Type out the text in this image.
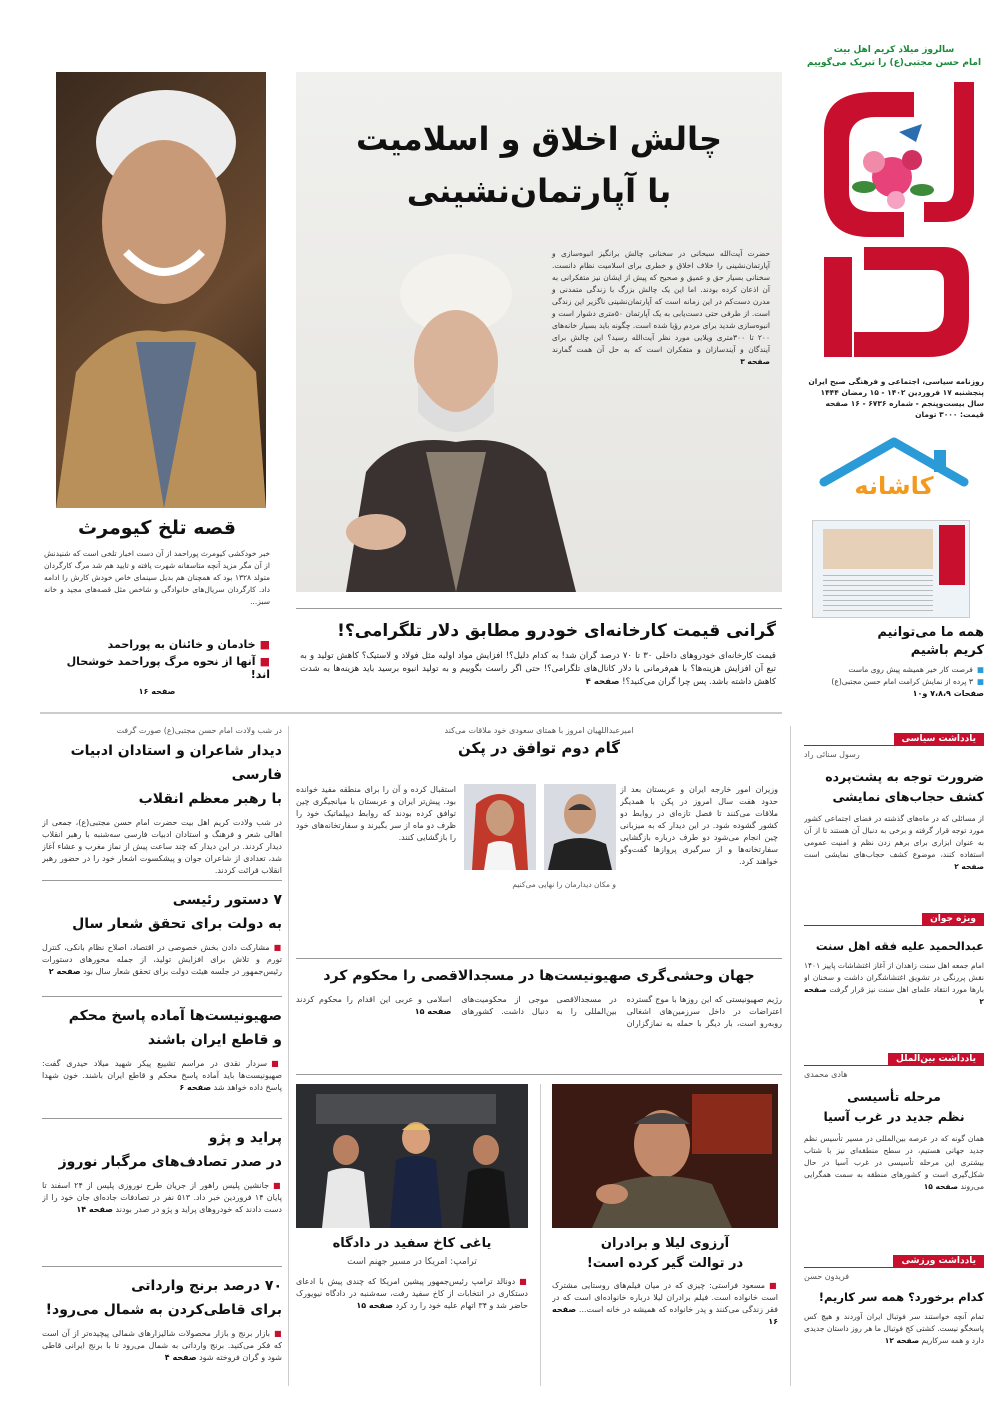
سالروز میلاد کریم اهل بیت
امام حسن مجتبی(ع) را تبریک می‌گوییم
روزنامه سیاسی، اجتماعی و فرهنگی صبح ایران
پنجشنبه ۱۷ فروردین ۱۴۰۲ - ۱۵ رمضان ۱۴۴۴
سال بیست‌وپنجم - شماره ۶۷۳۶ - ۱۶ صفحه
قیمت: ۳۰۰۰ تومان
کاشانه
همه ما می‌توانیم
کریم باشیم
■فرصت کار خیر همیشه پیش روی ماست
■۳ پرده از نمایش کرامت امام حسن مجتبی(ع)
صفحات ۷،۸،۹ و۱۰
چالش اخلاق و اسلامیت
با آپارتمان‌نشینی
حضرت آیت‌الله سبحانی در سخنانی چالش برانگیز انبوه‌سازی و آپارتمان‌نشینی را خلاف اخلاق و خطری برای اسلامیت نظام دانست. سخنانی بسیار حق و عمیق و صحیح که پیش از ایشان نیز متفکرانی به آن اذعان کرده بودند. اما این یک چالش بزرگ با زندگی متمدنی و مدرن دست‌کم در این زمانه است که آپارتمان‌نشینی ناگزیر این زندگی است. از طرفی حتی دست‌یابی به یک آپارتمان ۵۰متری دشوار است و انبوه‌سازی شدید برای مردم رؤیا شده است. چگونه باید بسیار خانه‌های ۲۰۰ تا ۳۰۰متری ویلایی مورد نظر آیت‌الله رسید؟ این چالش برای آیندگان و آیندسازان و متفکران است که به حل آن همت گمارند صفحه ۳
قصه تلخ کیومرث
خبر خودکشی کیومرث پوراحمد از آن دست اخبار تلخی است که شنیدنش از آن مگر مزید آنچه متاسفانه شهرت یافته و تایید هم شد مرگ کارگردان متولد ۱۳۲۸ بود که همچنان هم بدیل سینمای خاص خودش کارش را ادامه داد. کارگردان سریال‌های خانوادگی و شاخص مثل قصه‌های مجید و خانه سبز...
■خادمان و خائنان به پوراحمد
■آنها از نحوه مرگ پوراحمد خوشحال اند!
صفحه ۱۶
گرانی قیمت کارخانه‌ای خودرو مطابق دلار تلگرامی؟!
قیمت کارخانه‌ای خودروهای داخلی ۳۰ تا ۷۰ درصد گران شد! به کدام دلیل؟! افزایش مواد اولیه مثل فولاد و لاستیک؟ کاهش تولید و به تبع آن افزایش هزینه‌ها؟ با هم‌فرمانی با دلار کانال‌های تلگرامی؟! حتی اگر راست بگوییم و به تولید انبوه برسید باید هزینه‌ها به شدت کاهش داشته باشد. پس چرا گران می‌کنید؟! صفحه ۴
در شب ولادت امام حسن مجتبی(ع) صورت گرفت
دیدار شاعران و استادان ادبیات فارسی
با رهبر معظم انقلاب
در شب ولادت کریم اهل بیت حضرت امام حسن مجتبی(ع)، جمعی از اهالی شعر و فرهنگ و استادان ادبیات فارسی سه‌شنبه با رهبر انقلاب دیدار کردند. در این دیدار که چند ساعت پیش از نماز مغرب و عشاء آغاز شد، تعدادی از شاعران جوان و پیشکسوت اشعار خود را در حضور رهبر انقلاب قرائت کردند.
۷ دستور رئیسی
به دولت برای تحقق شعار سال
■مشارکت دادن بخش خصوصی در اقتصاد، اصلاح نظام بانکی، کنترل تورم و تلاش برای افزایش تولید، از جمله محورهای دستورات رئیس‌جمهور در جلسه هیئت دولت برای تحقق شعار سال بود صفحه ۲
صهیونیست‌ها آماده پاسخ محکم
و قاطع ایران باشند
■سردار نقدی در مراسم تشییع پیکر شهید میلاد حیدری گفت: صهیونیست‌ها باید آماده پاسخ محکم و قاطع ایران باشند. خون شهدا پاسخ داده خواهد شد صفحه ۶
پراید و پژو
در صدر تصادف‌های مرگبار نوروز
■جانشین پلیس راهور از جریان طرح نوروزی پلیس از ۲۴ اسفند تا پایان ۱۴ فروردین خبر داد. ۵۱۳ نفر در تصادفات جاده‌ای جان خود را از دست دادند که خودروهای پراید و پژو در صدر بودند صفحه ۱۴
۷۰ درصد برنج وارداتی
برای قاطی‌کردن به شمال می‌رود!
■بازار برنج و بازار محصولات شالیزارهای شمالی پیچیده‌تر از آن است که فکر می‌کنید. برنج وارداتی به شمال می‌رود تا با برنج ایرانی قاطی شود و گران فروخته شود صفحه ۴
امیرعبداللهیان امروز با همتای سعودی خود ملاقات می‌کند
گام دوم توافق در پکن
وزیران امور خارجه ایران و عربستان بعد از حدود هفت سال امروز در پکن با همدیگر ملاقات می‌کنند تا فصل تازه‌ای در روابط دو کشور گشوده شود. در این دیدار که به میزبانی چین انجام می‌شود دو طرف درباره بازگشایی سفارتخانه‌ها و از سرگیری پروازها گفت‌وگو خواهند کرد.
و مکان دیدارمان را نهایی می‌کنیم
استقبال کرده و آن را برای منطقه مفید خوانده بود. پیش‌تر ایران و عربستان با میانجیگری چین توافق کرده بودند که روابط دیپلماتیک خود را ظرف دو ماه از سر بگیرند و سفارتخانه‌های خود را بازگشایی کنند.
جهان وحشی‌گری صهیونیست‌ها در مسجدالاقصی را محکوم کرد
رژیم صهیونیستی که این روزها با موج گسترده اعتراضات در داخل سرزمین‌های اشغالی روبه‌رو است، بار دیگر با حمله به نمازگزاران در مسجدالاقصی موجی از محکومیت‌های بین‌المللی را به دنبال داشت. کشورهای اسلامی و عربی این اقدام را محکوم کردند صفحه ۱۵
آرزوی لیلا و برادران
در توالت گیر کرده است!
■مسعود فراستی: چیزی که در میان فیلم‌های روستایی مشترک است خانواده است. فیلم برادران لیلا درباره خانواده‌ای است که در فقر زندگی می‌کنند و پدر خانواده که همیشه در خانه است... صفحه ۱۶
یاغی کاخ سفید در دادگاه
ترامپ: امریکا در مسیر جهنم است
■دونالد ترامپ رئیس‌جمهور پیشین امریکا که چندی پیش با ادعای دستکاری در انتخابات از کاخ سفید رفت، سه‌شنبه در دادگاه نیویورک حاضر شد و ۳۴ اتهام علیه خود را رد کرد صفحه ۱۵
یادداشت سیاسی
رسول سنائی راد
ضرورت توجه به پشت‌پرده
کشف حجاب‌های نمایشی
از مسائلی که در ماه‌های گذشته در فضای اجتماعی کشور مورد توجه قرار گرفته و برخی به دنبال آن هستند تا از آن به عنوان ابزاری برای برهم زدن نظم و امنیت عمومی استفاده کنند، موضوع کشف حجاب‌های نمایشی است صفحه ۲
ویژه جوان
عبدالحمید علیه فقه اهل سنت
امام جمعه اهل سنت زاهدان از آغاز اغتشاشات پاییز ۱۴۰۱ نقش پررنگی در تشویق اغتشاشگران داشت و سخنان او بارها مورد انتقاد علمای اهل سنت نیز قرار گرفت صفحه ۲
یادداشت بین‌الملل
هادی محمدی
مرحله تأسیسی
نظم جدید در غرب آسیا
همان گونه که در عرصه بین‌المللی در مسیر تأسیس نظم جدید جهانی هستیم، در سطح منطقه‌ای نیز با شتاب بیشتری این مرحله تأسیسی در غرب آسیا در حال شکل‌گیری است و کشورهای منطقه به سمت همگرایی می‌روند صفحه ۱۵
یادداشت ورزشی
فریدون حسن
کدام برخورد؟ همه سر کاریم!
تمام آنچه خواستند سر فوتبال ایران آوردند و هیچ کس پاسخگو نیست. کشتی کج فوتبال ما هر روز داستان جدیدی دارد و همه سرکاریم صفحه ۱۲
